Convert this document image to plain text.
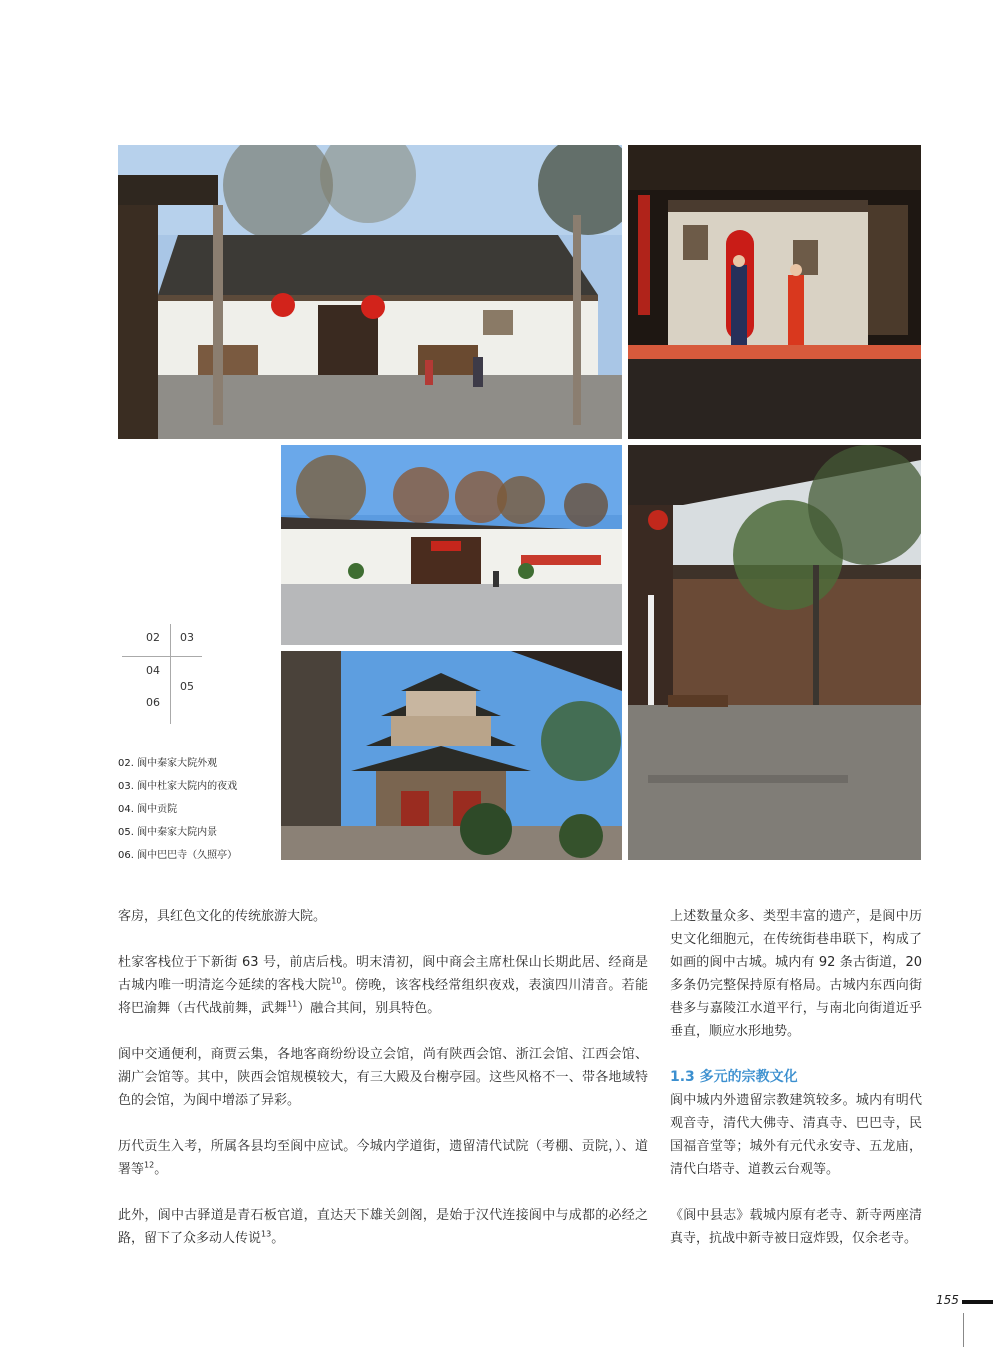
02 03
04
05
06
02. 阆中秦家大院外观
03. 阆中杜家大院内的夜戏
04. 阆中贡院
05. 阆中秦家大院内景
06. 阆中巴巴寺（久照亭）

客房，具红色文化的传统旅游大院。

杜家客栈位于下新街 63 号，前店后栈。明末清初，阆中商会主席杜保山长期此居、经商是古城内唯一明清迄今延续的客栈大院$^{10}$。傍晚，该客栈经常组织夜戏，表演四川清音。若能将巴渝舞（古代战前舞，武舞$^{11}$）融合其间，别具特色。

阆中交通便利，商贾云集，各地客商纷纷设立会馆，尚有陕西会馆、浙江会馆、江西会馆、湖广会馆等。其中，陕西会馆规模较大，有三大殿及台榭亭园。这些风格不一、带各地域特色的会馆，为阆中增添了异彩。

历代贡生入考，所属各县均至阆中应试。今城内学道街，遗留清代试院（考棚、贡院，）、道署等$^{12}$。

此外，阆中古驿道是青石板官道，直达天下雄关剑阁，是始于汉代连接阆中与成都的必经之路，留下了众多动人传说$^{13}$。

上述数量众多、类型丰富的遗产，是阆中历史文化细胞元，在传统街巷串联下，构成了如画的阆中古城。城内有 92 条古街道，20 多条仍完整保持原有格局。古城内东西向街巷多与嘉陵江水道平行，与南北向街道近乎垂直，顺应水形地势。

1.3 多元的宗教文化

阆中城内外遗留宗教建筑较多。城内有明代观音寺，清代大佛寺、清真寺、巴巴寺，民国福音堂等；城外有元代永安寺、五龙庙，清代白塔寺、道教云台观等。

《阆中县志》载城内原有老寺、新寺两座清真寺，抗战中新寺被日寇炸毁，仅余老寺。

155
